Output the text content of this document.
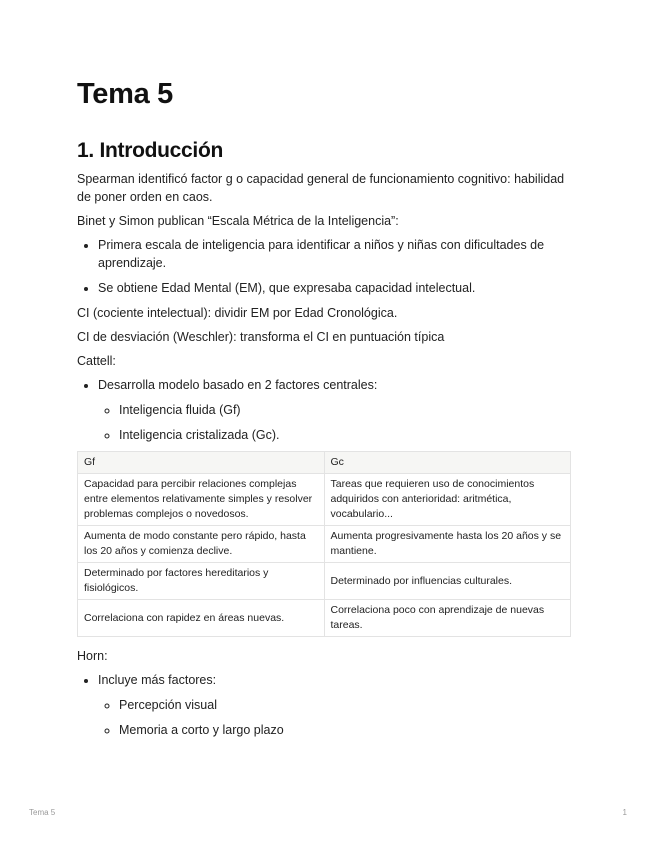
Tema 5
1. Introducción

Spearman identificó factor g o capacidad general de funcionamiento cognitivo: habilidad de poner orden en caos.

Binet y Simon publican “Escala Métrica de la Inteligencia”:

• Primera escala de inteligencia para identificar a niños y niñas con dificultades de aprendizaje.
• Se obtiene Edad Mental (EM), que expresaba capacidad intelectual.

CI (cociente intelectual): dividir EM por Edad Cronológica.

CI de desviación (Weschler): transforma el CI en puntuación típica

Cattell:

• Desarrolla modelo basado en 2 factores centrales:
◦ Inteligencia fluida (Gf)
◦ Inteligencia cristalizada (Gc).
Gf	Gc
Capacidad para percibir relaciones complejas entre elementos relativamente simples y resolver problemas complejos o novedosos.	Tareas que requieren uso de conocimientos adquiridos con anterioridad: aritmética, vocabulario...
Aumenta de modo constante pero rápido, hasta los 20 años y comienza declive.	Aumenta progresivamente hasta los 20 años y se mantiene.
Determinado por factores hereditarios y fisiológicos.	Determinado por influencias culturales.
Correlaciona con rapidez en áreas nuevas.	Correlaciona poco con aprendizaje de nuevas tareas.

Horn:

• Incluye más factores:
◦ Percepción visual
◦ Memoria a corto y largo plazo
Tema 5	1
